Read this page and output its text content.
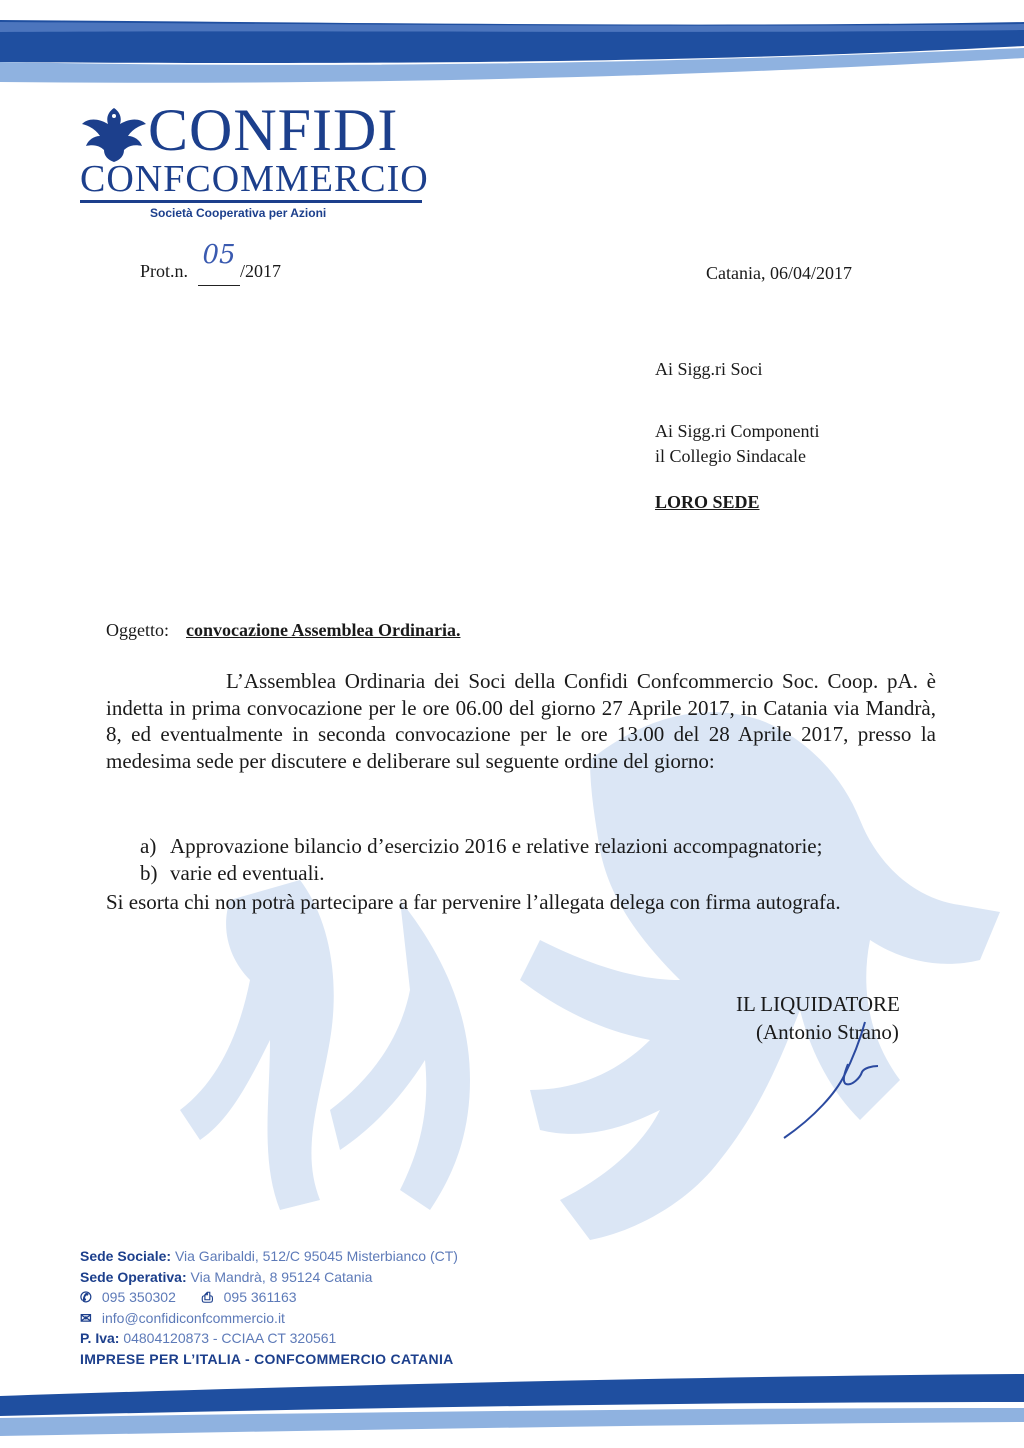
CONFIDI
CONFCOMMERCIO
Società Cooperativa per Azioni
Prot.n.
05
/2017	Catania, 06/04/2017
Ai Sigg.ri Soci
Ai Sigg.ri Componenti
il Collegio Sindacale
LORO SEDE
Oggetto: convocazione Assemblea Ordinaria.
L’Assemblea Ordinaria dei Soci della Confidi Confcommercio Soc. Coop. pA. è indetta in prima convocazione per le ore 06.00 del giorno 27 Aprile 2017, in Catania via Mandrà, 8, ed eventualmente in seconda convocazione per le ore 13.00 del 28 Aprile 2017, presso la medesima sede per discutere e deliberare sul seguente ordine del giorno:
a) Approvazione bilancio d’esercizio 2016 e relative relazioni accompagnatorie;
b) varie ed eventuali.
Si esorta chi non potrà partecipare a far pervenire l’allegata delega con firma autografa.
IL LIQUIDATORE
(Antonio Strano)
Sede Sociale: Via Garibaldi, 512/C 95045 Misterbianco (CT)
Sede Operativa: Via Mandrà, 8 95124 Catania
✆ 095 350302 ⎙ 095 361163
✉ info@confidiconfcommercio.it
P. Iva: 04804120873 - CCIAA CT 320561
IMPRESE PER L’ITALIA - CONFCOMMERCIO CATANIA
